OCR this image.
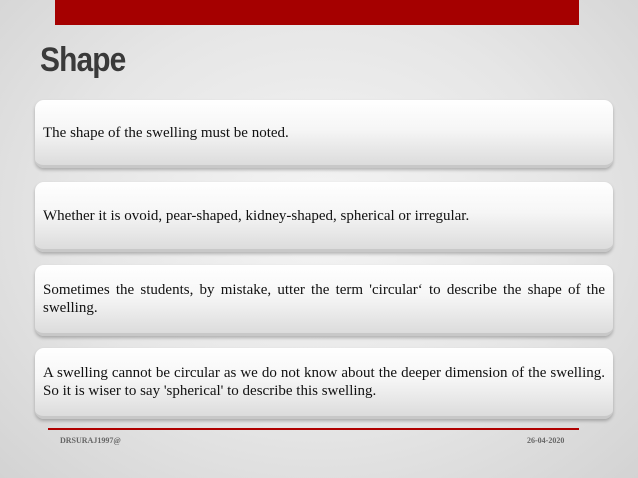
Shape
The shape of the swelling must be noted.
Whether it is ovoid, pear-shaped, kidney-shaped, spherical or irregular.
Sometimes the students, by mistake, utter the term 'circular‘ to describe the shape of the swelling.
A swelling cannot be circular as we do not know about the deeper dimension of the swelling. So it is wiser to say 'spherical' to describe this swelling.
DRSURAJ1997@	26-04-2020
